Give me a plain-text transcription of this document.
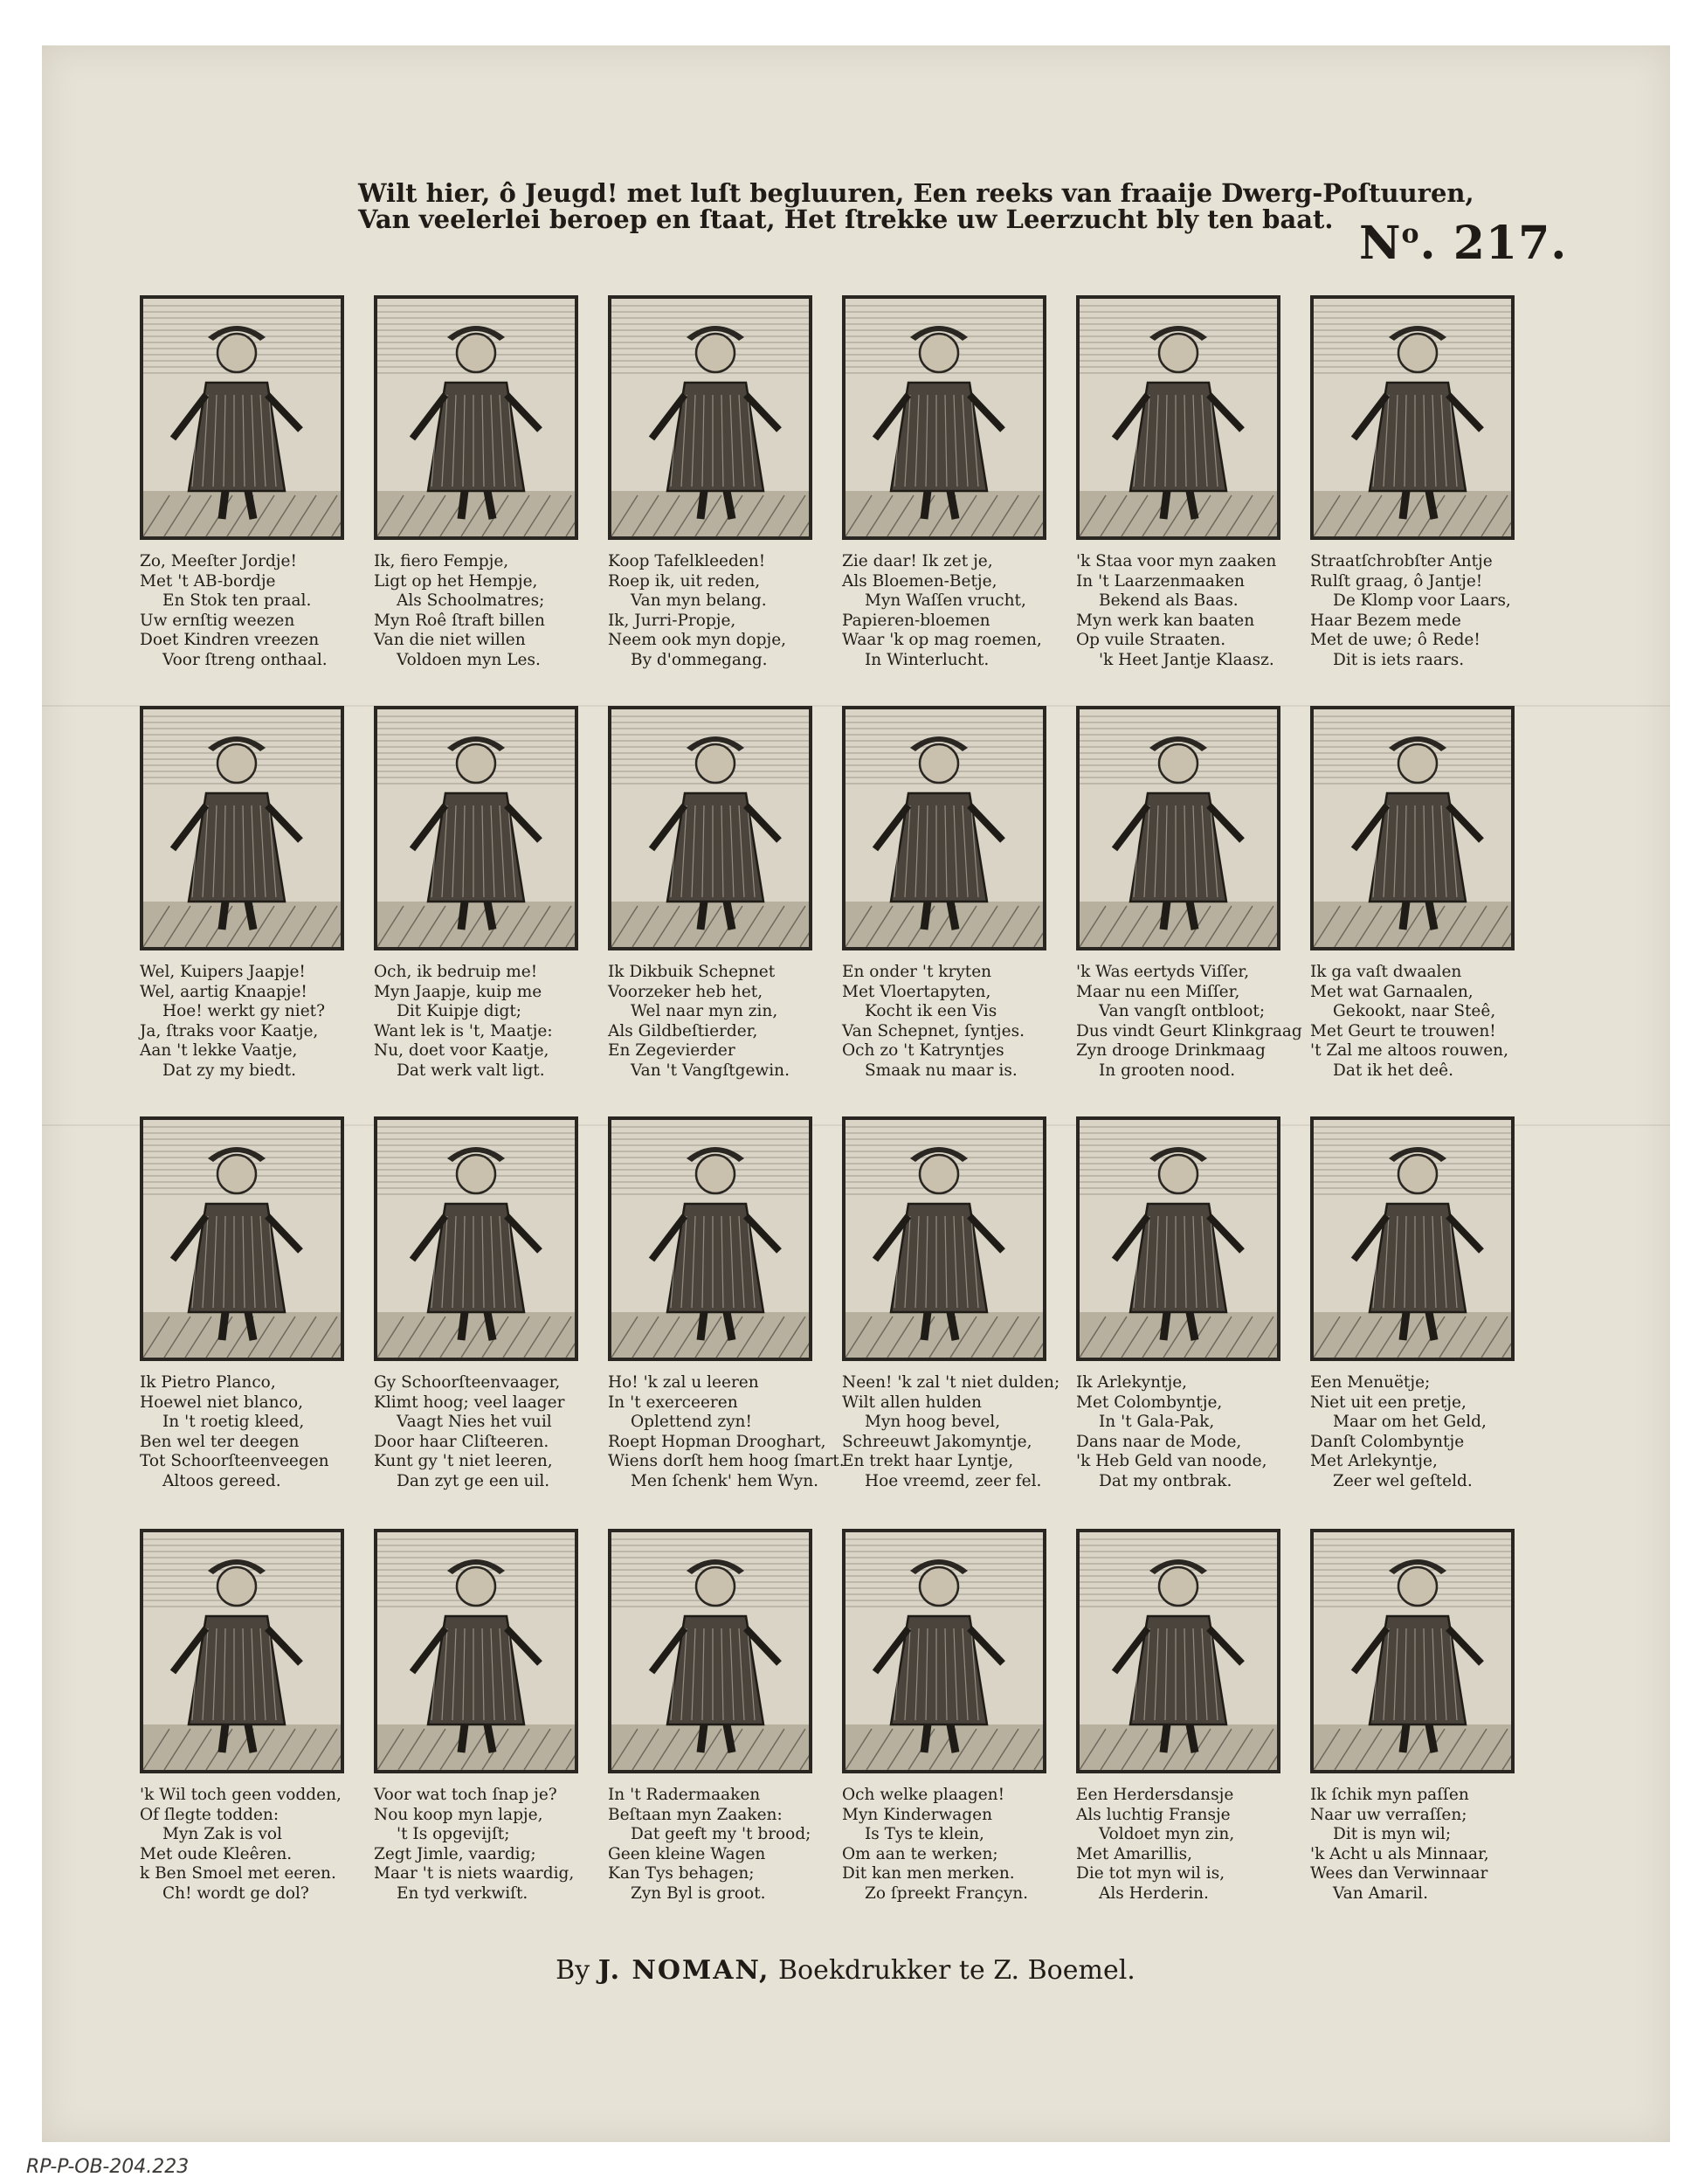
Wilt hier, ô Jeugd! met luſt begluuren, Een reeks van fraaije Dwerg-Poſtuuren,
Van veelerlei beroep en ſtaat, Het ſtrekke uw Leerzucht bly ten baat. $N^o$. 217.
Zo, Meeſter Jordje!
Met 't AB-bordje
En Stok ten praal.
Uw ernſtig weezen
Doet Kindren vreezen
Voor ſtreng onthaal.
Ik, fiero Fempje,
Ligt op het Hempje,
Als Schoolmatres;
Myn Roê ſtraft billen
Van die niet willen
Voldoen myn Les.
Koop Tafelkleeden!
Roep ik, uit reden,
Van myn belang.
Ik, Jurri-Propje,
Neem ook myn dopje,
By d'ommegang.
Zie daar! Ik zet je,
Als Bloemen-Betje,
Myn Waſſen vrucht,
Papieren-bloemen
Waar 'k op mag roemen,
In Winterlucht.
'k Staa voor myn zaaken
In 't Laarzenmaaken
Bekend als Baas.
Myn werk kan baaten
Op vuile Straaten.
'k Heet Jantje Klaasz.
Straatſchrobſter Antje
Rulſt graag, ô Jantje!
De Klomp voor Laars,
Haar Bezem mede
Met de uwe; ô Rede!
Dit is iets raars.
Wel, Kuipers Jaapje!
Wel, aartig Knaapje!
Hoe! werkt gy niet?
Ja, ſtraks voor Kaatje,
Aan 't lekke Vaatje,
Dat zy my biedt.
Och, ik bedruip me!
Myn Jaapje, kuip me
Dit Kuipje digt;
Want lek is 't, Maatje:
Nu, doet voor Kaatje,
Dat werk valt ligt.
Ik Dikbuik Schepnet
Voorzeker heb het,
Wel naar myn zin,
Als Gildbeſtierder,
En Zegevierder
Van 't Vangſtgewin.
En onder 't kryten
Met Vloertapyten,
Kocht ik een Vis
Van Schepnet, ſyntjes.
Och zo 't Katryntjes
Smaak nu maar is.
'k Was eertyds Viſſer,
Maar nu een Miſſer,
Van vangſt ontbloot;
Dus vindt Geurt Klinkgraag
Zyn drooge Drinkmaag
In grooten nood.
Ik ga vaſt dwaalen
Met wat Garnaalen,
Gekookt, naar Steê,
Met Geurt te trouwen!
't Zal me altoos rouwen,
Dat ik het deê.
Ik Pietro Planco,
Hoewel niet blanco,
In 't roetig kleed,
Ben wel ter deegen
Tot Schoorſteenveegen
Altoos gereed.
Gy Schoorſteenvaager,
Klimt hoog; veel laager
Vaagt Nies het vuil
Door haar Cliſteeren.
Kunt gy 't niet leeren,
Dan zyt ge een uil.
Ho! 'k zal u leeren
In 't exerceeren
Oplettend zyn!
Roept Hopman Drooghart,
Wiens dorſt hem hoog ſmart.
Men ſchenk' hem Wyn.
Neen! 'k zal 't niet dulden;
Wilt allen hulden
Myn hoog bevel,
Schreeuwt Jakomyntje,
En trekt haar Lyntje,
Hoe vreemd, zeer fel.
Ik Arlekyntje,
Met Colombyntje,
In 't Gala-Pak,
Dans naar de Mode,
'k Heb Geld van noode,
Dat my ontbrak.
Een Menuëtje;
Niet uit een pretje,
Maar om het Geld,
Danſt Colombyntje
Met Arlekyntje,
Zeer wel geſteld.
'k Wil toch geen vodden,
Of ſlegte todden:
Myn Zak is vol
Met oude Kleêren.
k Ben Smoel met eeren.
Ch! wordt ge dol?
Voor wat toch ſnap je?
Nou koop myn lapje,
't Is opgevijſt;
Zegt Jimle, vaardig;
Maar 't is niets waardig,
En tyd verkwiſt.
In 't Radermaaken
Beſtaan myn Zaaken:
Dat geeft my 't brood;
Geen kleine Wagen
Kan Tys behagen;
Zyn Byl is groot.
Och welke plaagen!
Myn Kinderwagen
Is Tys te klein,
Om aan te werken;
Dit kan men merken.
Zo ſpreekt Françyn.
Een Herdersdansje
Als luchtig Fransje
Voldoet myn zin,
Met Amarillis,
Die tot myn wil is,
Als Herderin.
Ik ſchik myn paſſen
Naar uw verraſſen;
Dit is myn wil;
'k Acht u als Minnaar,
Wees dan Verwinnaar
Van Amaril.
By J. NOMAN, Boekdrukker te Z. Boemel.
RP-P-OB-204.223
